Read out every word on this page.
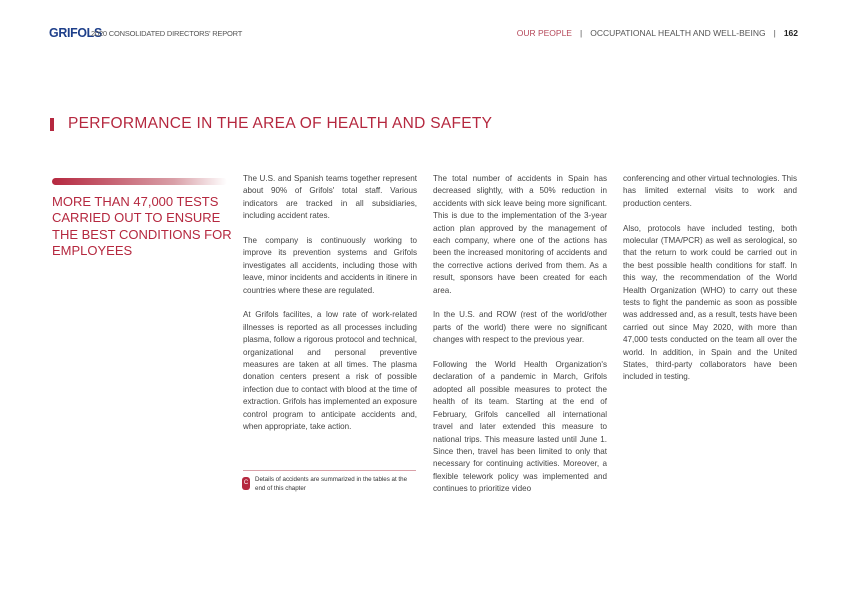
GRIFOLS
2020 CONSOLIDATED DIRECTORS' REPORT	OUR PEOPLE | OCCUPATIONAL HEALTH AND WELL-BEING | 162
PERFORMANCE IN THE AREA OF HEALTH AND SAFETY
MORE THAN 47,000 TESTS CARRIED OUT TO ENSURE THE BEST CONDITIONS FOR EMPLOYEES

The U.S. and Spanish teams together represent about 90% of Grifols' total staff. Various indicators are tracked in all subsidiaries, including accident rates.

The company is continuously working to improve its prevention systems and Grifols investigates all accidents, including those with leave, minor incidents and accidents in itinere in countries where these are regulated.

At Grifols facilites, a low rate of work-related illnesses is reported as all processes including plasma, follow a rigorous protocol and technical, organizational and personal preventive measures are taken at all times. The plasma donation centers present a risk of possible infection due to contact with blood at the time of extraction. Grifols has implemented an exposure control program to anticipate accidents and, when appropriate, take action.

The total number of accidents in Spain has decreased slightly, with a 50% reduction in accidents with sick leave being more significant. This is due to the implementation of the 3-year action plan approved by the management of each company, where one of the actions has been the increased monitoring of accidents and the corrective actions derived from them. As a result, sponsors have been created for each area.

In the U.S. and ROW (rest of the world/other parts of the world) there were no significant changes with respect to the previous year.

Following the World Health Organization's declaration of a pandemic in March, Grifols adopted all possible measures to protect the health of its team. Starting at the end of February, Grifols cancelled all international travel and later extended this measure to national trips. This measure lasted until June 1. Since then, travel has been limited to only that necessary for continuing activities. Moreover, a flexible telework policy was implemented and continues to prioritize video

conferencing and other virtual technologies. This has limited external visits to work and production centers.

Also, protocols have included testing, both molecular (TMA/PCR) as well as serological, so that the return to work could be carried out in the best possible health conditions for staff. In this way, the recommendation of the World Health Organization (WHO) to carry out these tests to fight the pandemic as soon as possible was addressed and, as a result, tests have been carried out since May 2020, with more than 47,000 tests conducted on the team all over the world. In addition, in Spain and the United States, third-party collaborators have been included in testing.

C Details of accidents are summarized in the tables at the end of this chapter
